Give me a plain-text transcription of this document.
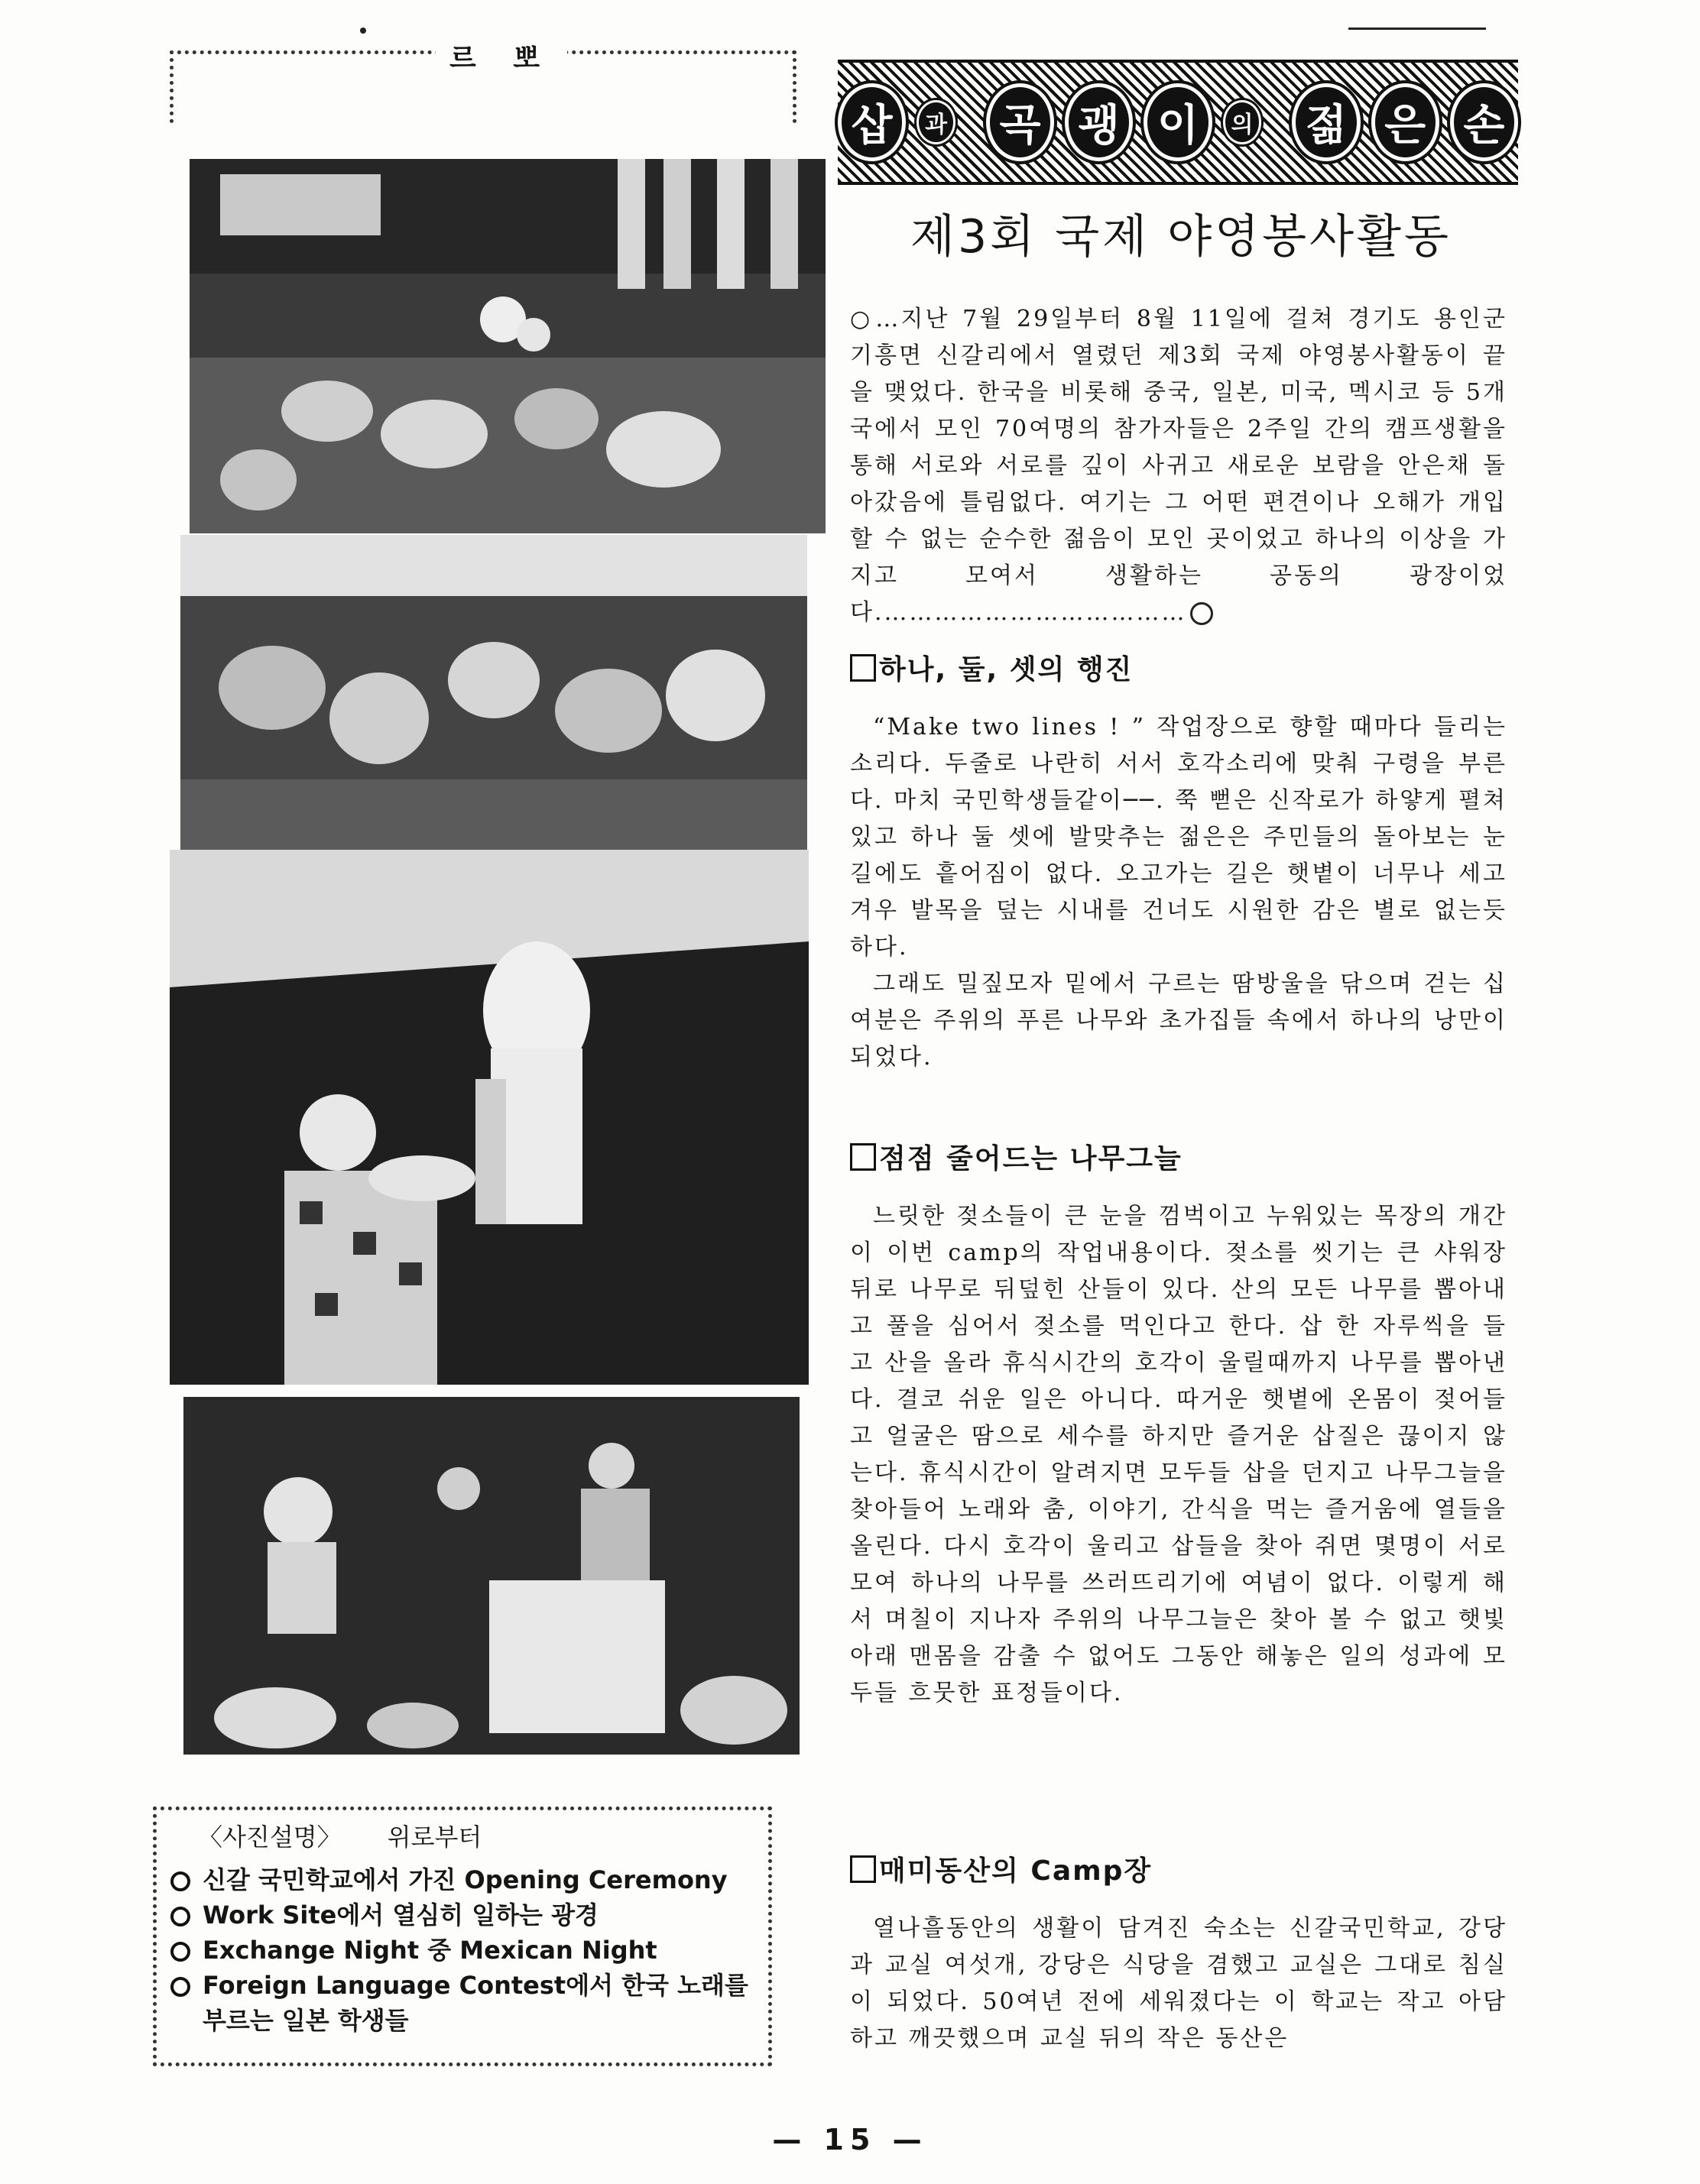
르 뽀
삽	과	곡 괭 이	의	젊 은 손
제3회 국제 야영봉사활동

○…지난 7월 29일부터 8월 11일에 걸쳐 경기도 용인군 기흥면 신갈리에서 열렸던 제3회 국제 야영봉사활동이 끝을 맺었다. 한국을 비롯해 중국, 일본, 미국, 멕시코 등 5개국에서 모인 70여명의 참가자들은 2주일 간의 캠프생활을 통해 서로와 서로를 깊이 사귀고 새로운 보람을 안은채 돌아갔음에 틀림없다. 여기는 그 어떤 편견이나 오해가 개입할 수 없는 순수한 젊음이 모인 곳이었고 하나의 이상을 가지고 모여서 생활하는 공동의 광장이었다.………………………………

하나, 둘, 셋의 행진

“Make two lines ! ” 작업장으로 향할 때마다 들리는 소리다. 두줄로 나란히 서서 호각소리에 맞춰 구령을 부른다. 마치 국민학생들같이──. 쭉 뻗은 신작로가 하얗게 펼쳐 있고 하나 둘 셋에 발맞추는 젊은은 주민들의 돌아보는 눈길에도 흩어짐이 없다. 오고가는 길은 햇볕이 너무나 세고 겨우 발목을 덮는 시내를 건너도 시원한 감은 별로 없는듯 하다.

그래도 밀짚모자 밑에서 구르는 땀방울을 닦으며 걷는 십여분은 주위의 푸른 나무와 초가집들 속에서 하나의 낭만이 되었다.

점점 줄어드는 나무그늘

느릿한 젖소들이 큰 눈을 껌벅이고 누워있는 목장의 개간이 이번 camp의 작업내용이다. 젖소를 씻기는 큰 샤워장 뒤로 나무로 뒤덮힌 산들이 있다. 산의 모든 나무를 뽑아내고 풀을 심어서 젖소를 먹인다고 한다. 삽 한 자루씩을 들고 산을 올라 휴식시간의 호각이 울릴때까지 나무를 뽑아낸다. 결코 쉬운 일은 아니다. 따거운 햇볕에 온몸이 젖어들고 얼굴은 땀으로 세수를 하지만 즐거운 삽질은 끊이지 않는다. 휴식시간이 알려지면 모두들 삽을 던지고 나무그늘을 찾아들어 노래와 춤, 이야기, 간식을 먹는 즐거움에 열들을 올린다. 다시 호각이 울리고 삽들을 찾아 쥐면 몇명이 서로 모여 하나의 나무를 쓰러뜨리기에 여념이 없다. 이렇게 해서 며칠이 지나자 주위의 나무그늘은 찾아 볼 수 없고 햇빛 아래 맨몸을 감출 수 없어도 그동안 해놓은 일의 성과에 모두들 흐뭇한 표정들이다.

매미동산의 Camp장

열나흘동안의 생활이 담겨진 숙소는 신갈국민학교, 강당과 교실 여섯개, 강당은 식당을 겸했고 교실은 그대로 침실이 되었다. 50여년 전에 세워졌다는 이 학교는 작고 아담하고 깨끗했으며 교실 뒤의 작은 동산은

〈사진설명〉 위로부터

신갈 국민학교에서 가진 Opening Ceremony
Work Site에서 열심히 일하는 광경
Exchange Night 중 Mexican Night
Foreign Language Contest에서 한국 노래를 부르는 일본 학생들
— 15 —
